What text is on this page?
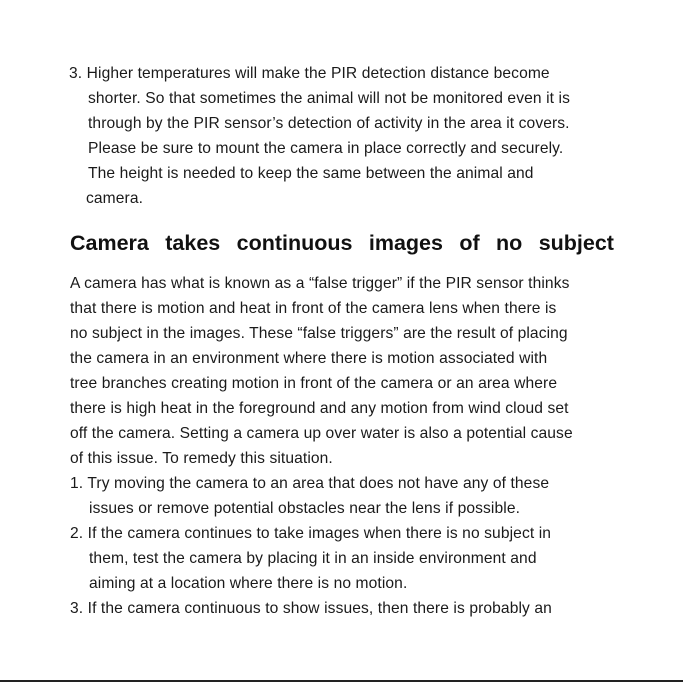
3. Higher temperatures will make the PIR detection distance become
shorter. So that sometimes the animal will not be monitored even it is
through by the PIR sensor’s detection of activity in the area it covers.
Please be sure to mount the camera in place correctly and securely.
The height is needed to keep the same between the animal and
camera.
Camera takes continuous images of no subject
A camera has what is known as a “false trigger” if the PIR sensor thinks
that there is motion and heat in front of the camera lens when there is
no subject in the images. These “false triggers” are the result of placing
the camera in an environment where there is motion associated with
tree branches creating motion in front of the camera or an area where
there is high heat in the foreground and any motion from wind cloud set
off the camera. Setting a camera up over water is also a potential cause
of this issue. To remedy this situation.
1. Try moving the camera to an area that does not have any of these
issues or remove potential obstacles near the lens if possible.
2. If the camera continues to take images when there is no subject in
them, test the camera by placing it in an inside environment and
aiming at a location where there is no motion.
3. If the camera continuous to show issues, then there is probably an
